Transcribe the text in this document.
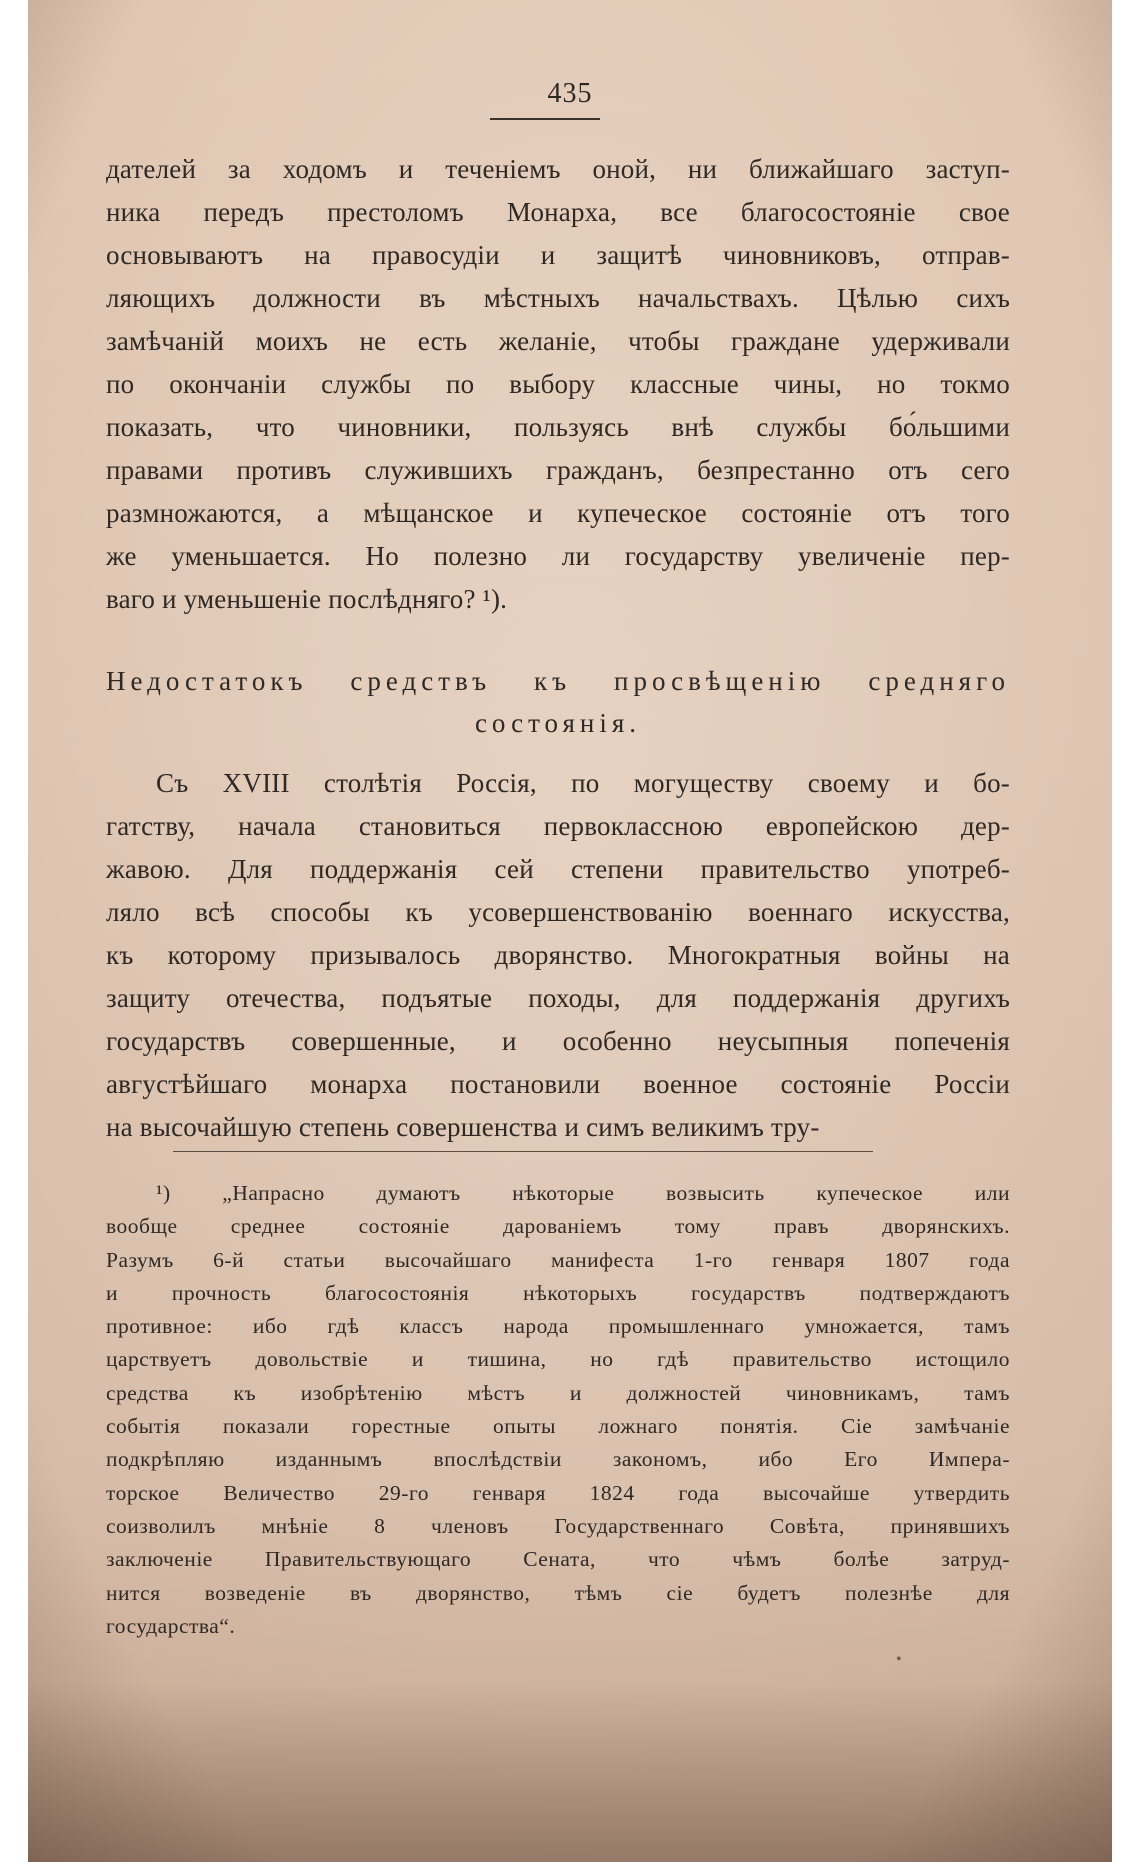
435
дателей за ходомъ и теченіемъ оной, ни ближайшаго заступ-
ника передъ престоломъ Монарха, все благосостояніе свое
основываютъ на правосудіи и защитѣ чиновниковъ, отправ-
ляющихъ должности въ мѣстныхъ начальствахъ. Цѣлью сихъ
замѣчаній моихъ не есть желаніе, чтобы граждане удерживали
по окончаніи службы по выбору классные чины, но токмо
показать, что чиновники, пользуясь внѣ службы бо́льшими
правами противъ служившихъ гражданъ, безпрестанно отъ сего
размножаются, а мѣщанское и купеческое состояніе отъ того
же уменьшается. Но полезно ли государству увеличеніе пер-
ваго и уменьшеніе послѣдняго? ¹).
Недостатокъ средствъ къ просвѣщенію средняго
состоянія.
Съ XVIII столѣтія Россія, по могуществу своему и бо-
гатству, начала становиться первоклассною европейскою дер-
жавою. Для поддержанія сей степени правительство употреб-
ляло всѣ способы къ усовершенствованію военнаго искусства,
къ которому призывалось дворянство. Многократныя войны на
защиту отечества, подъятые походы, для поддержанія другихъ
государствъ совершенные, и особенно неусыпныя попеченія
августѣйшаго монарха постановили военное состояніе Россіи
на высочайшую степень совершенства и симъ великимъ тру-
¹) „Напрасно думаютъ нѣкоторые возвысить купеческое или
вообще среднее состояніе дарованіемъ тому правъ дворянскихъ.
Разумъ 6-й статьи высочайшаго манифеста 1-го генваря 1807 года
и прочность благосостоянія нѣкоторыхъ государствъ подтверждаютъ
противное: ибо гдѣ классъ народа промышленнаго умножается, тамъ
царствуетъ довольствіе и тишина, но гдѣ правительство истощило
средства къ изобрѣтенію мѣстъ и должностей чиновникамъ, тамъ
событія показали горестные опыты ложнаго понятія. Сіе замѣчаніе
подкрѣпляю изданнымъ впослѣдствіи закономъ, ибо Его Импера-
торское Величество 29-го генваря 1824 года высочайше утвердить
соизволилъ мнѣніе 8 членовъ Государственнаго Совѣта, принявшихъ
заключеніе Правительствующаго Сената, что чѣмъ болѣе затруд-
нится возведеніе въ дворянство, тѣмъ сіе будетъ полезнѣе для
государства“.
•
